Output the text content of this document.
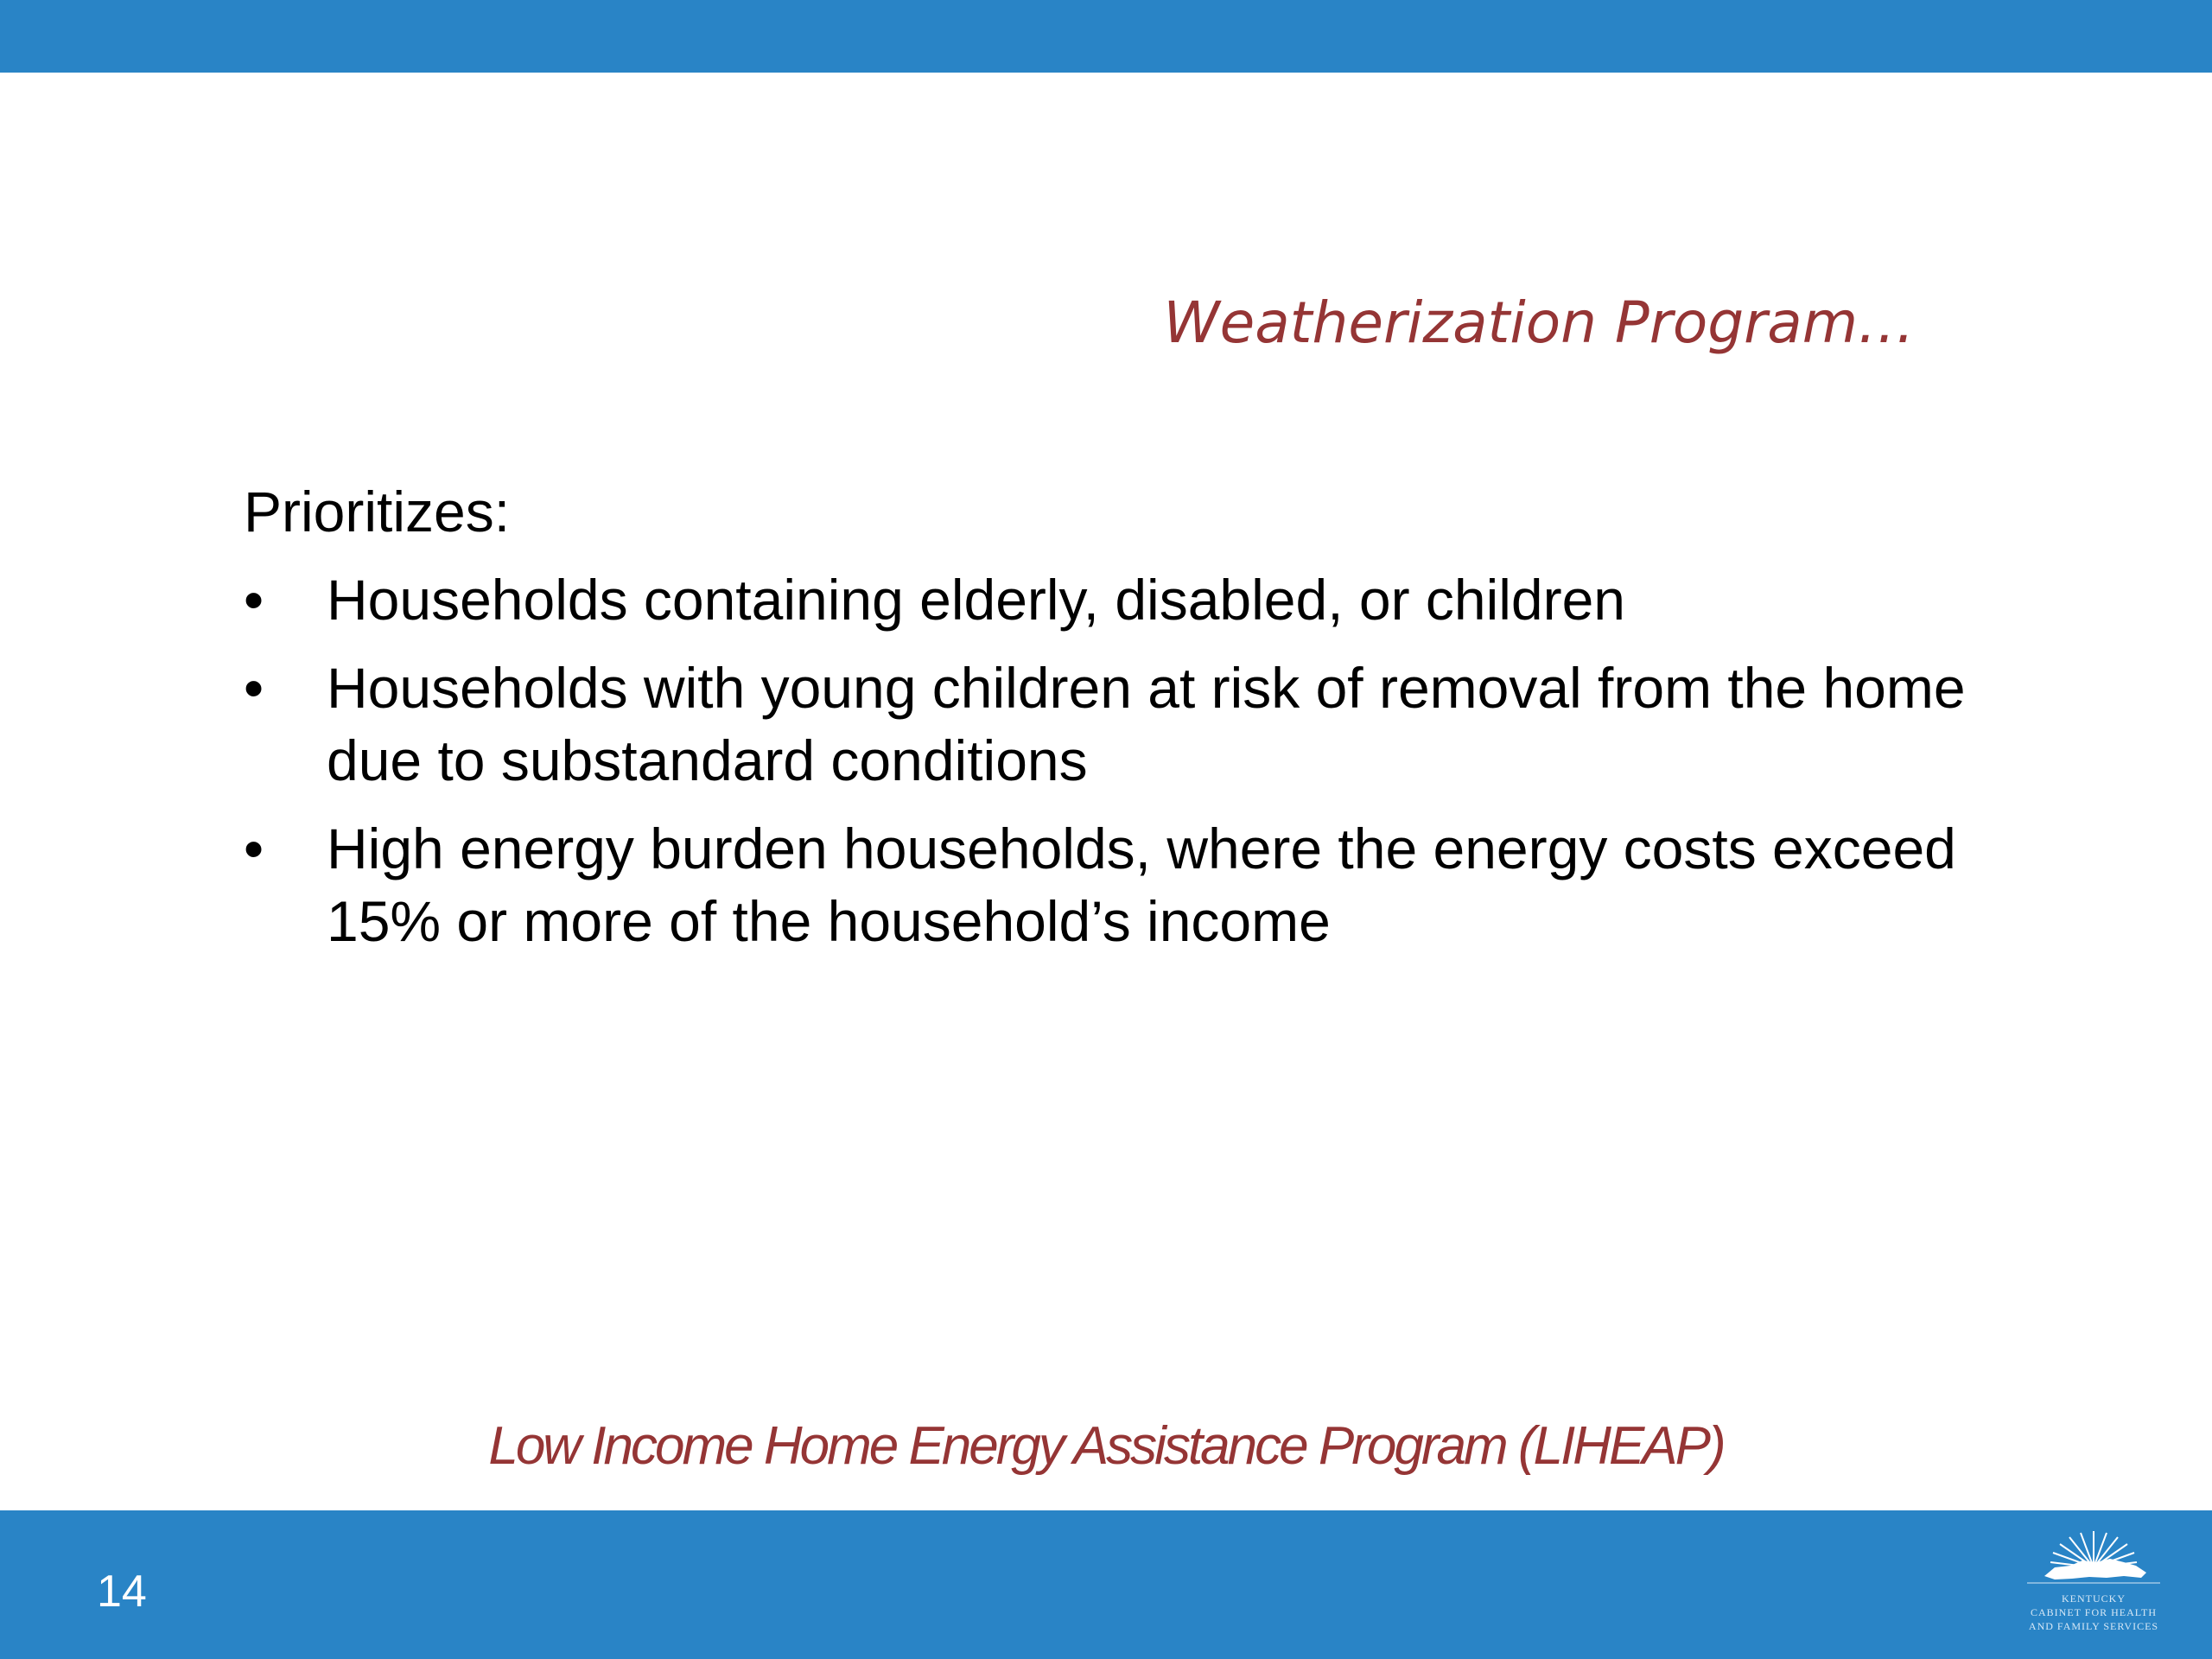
Weatherization Program…
Prioritizes:
• Households containing elderly, disabled, or children
• Households with young children at risk of removal from the home due to substandard conditions
• High energy burden households, where the energy costs exceed 15% or more of the household’s income
Low Income Home Energy Assistance Program (LIHEAP)
14	KENTUCKY
CABINET FOR HEALTH
AND FAMILY SERVICES
